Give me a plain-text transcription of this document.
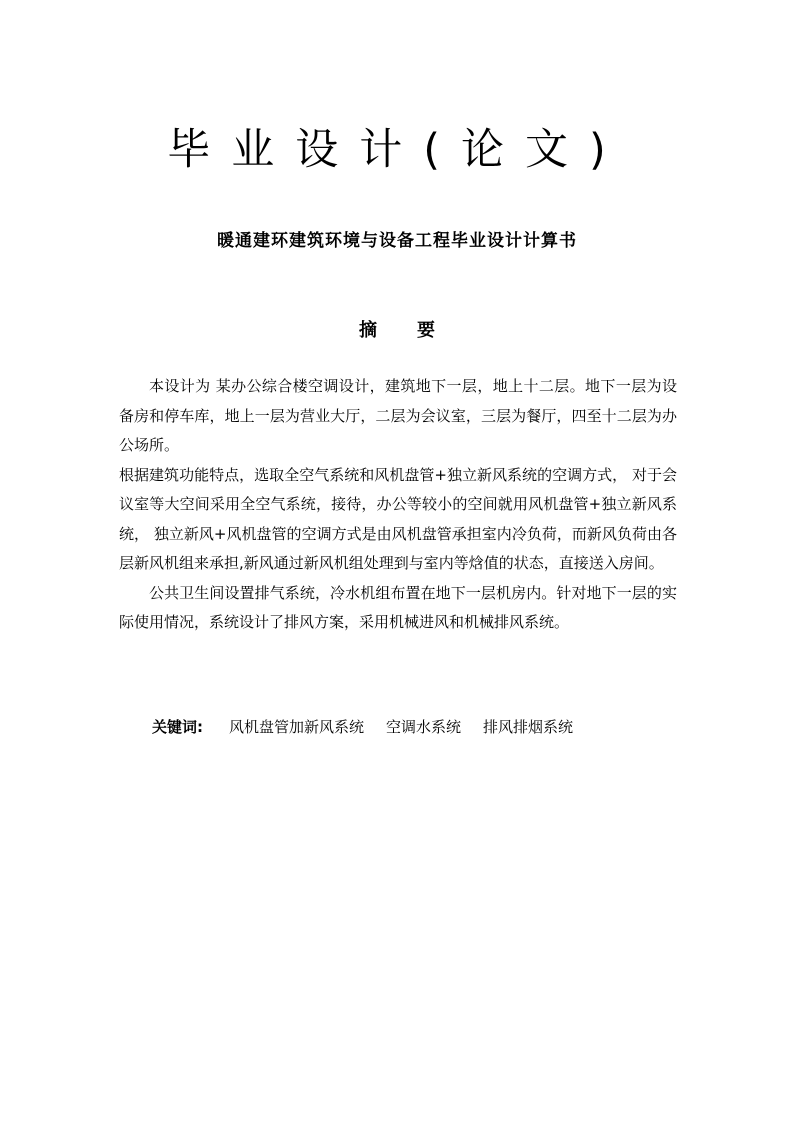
毕业设计(论文)
暖通建环建筑环境与设备工程毕业设计计算书
摘 要

本设计为 某办公综合楼空调设计，建筑地下一层，地上十二层。地下一层为设备房和停车库，地上一层为营业大厅，二层为会议室，三层为餐厅，四至十二层为办公场所。

根据建筑功能特点，选取全空气系统和风机盘管+独立新风系统的空调方式， 对于会议室等大空间采用全空气系统，接待，办公等较小的空间就用风机盘管+独立新风系统， 独立新风+风机盘管的空调方式是由风机盘管承担室内冷负荷，而新风负荷由各层新风机组来承担,新风通过新风机组处理到与室内等焓值的状态，直接送入房间。

公共卫生间设置排气系统，冷水机组布置在地下一层机房内。针对地下一层的实际使用情况，系统设计了排风方案，采用机械进风和机械排风系统。

关键词: 风机盘管加新风系统 空调水系统 排风排烟系统
